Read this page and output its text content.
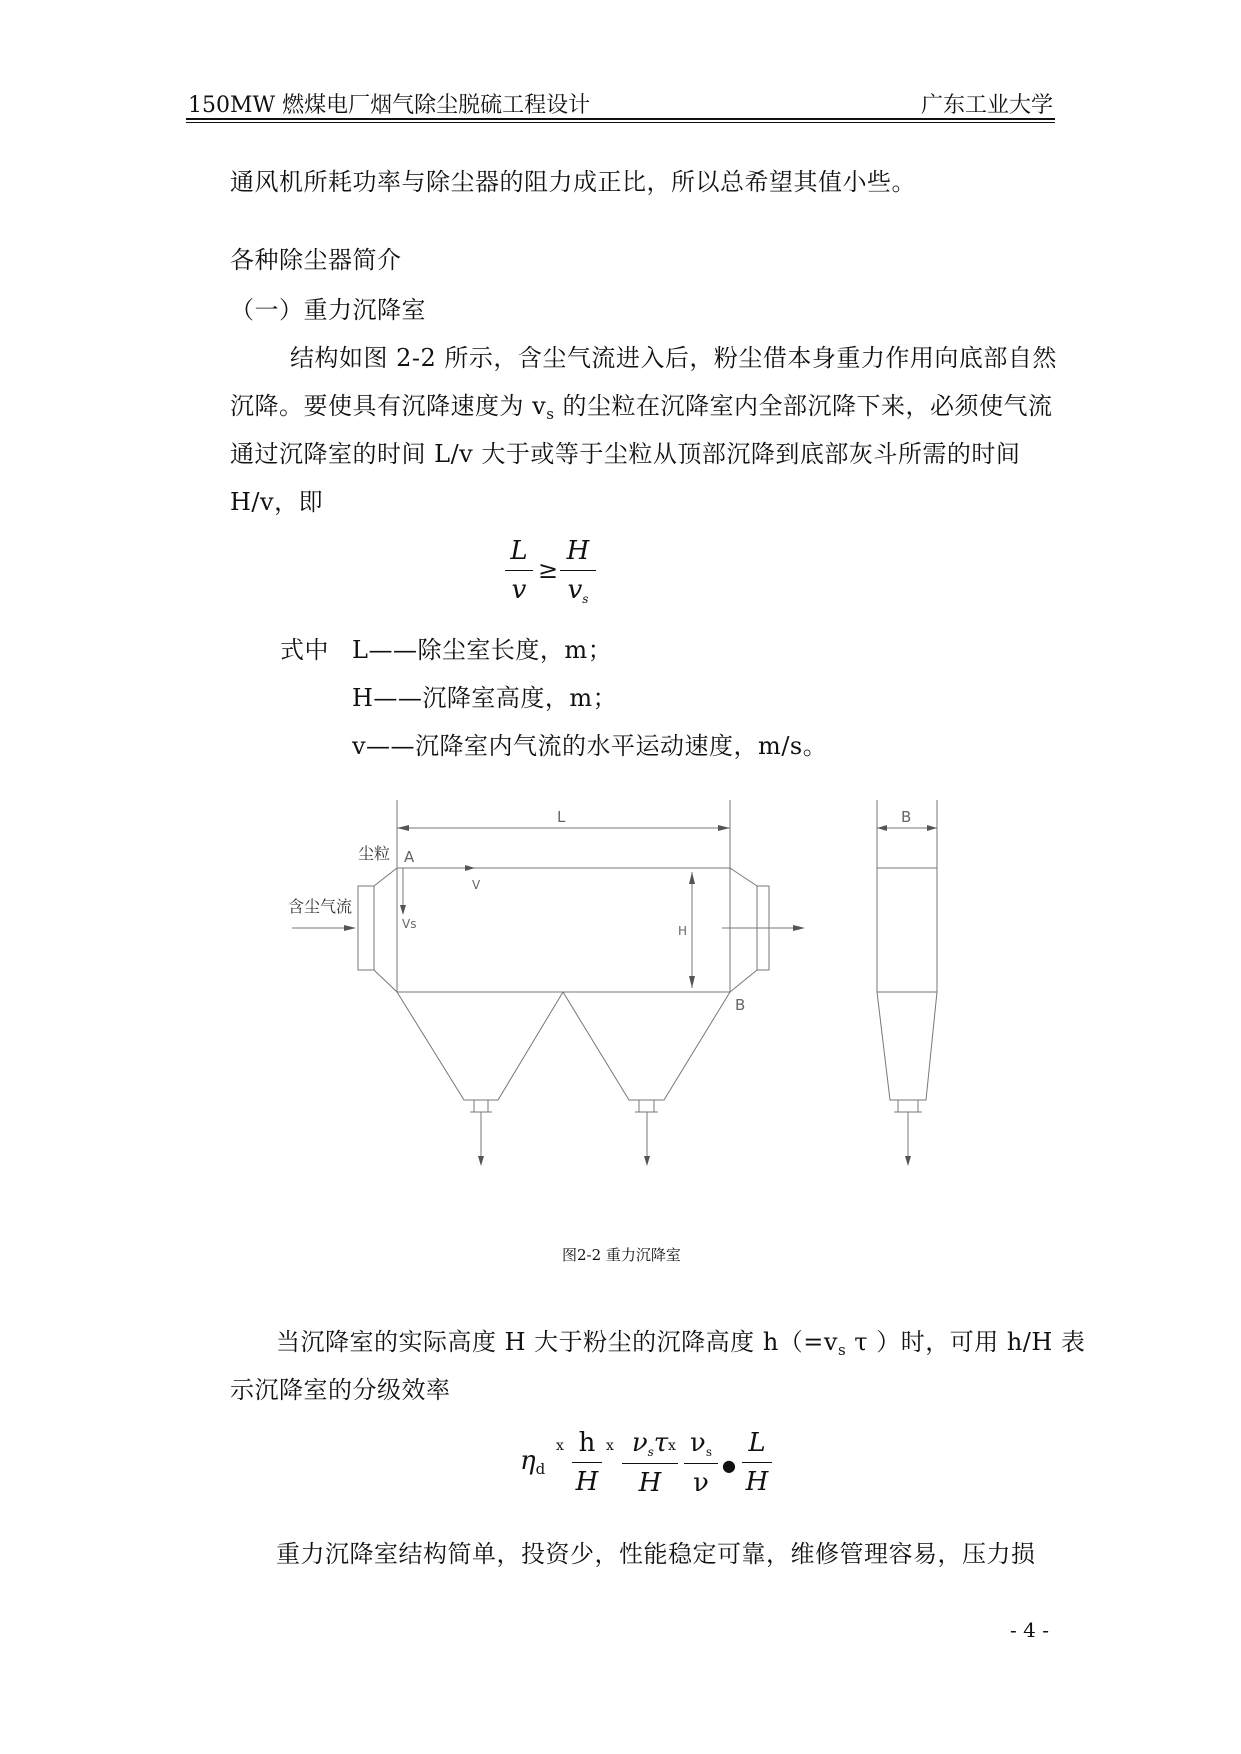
150MW 燃煤电厂烟气除尘脱硫工程设计	广东工业大学
通风机所耗功率与除尘器的阻力成正比，所以总希望其值小些。
各种除尘器简介
（一）重力沉降室
结构如图 2-2 所示，含尘气流进入后，粉尘借本身重力作用向底部自然
沉降。要使具有沉降速度为 $v_s$ 的尘粒在沉降室内全部沉降下来，必须使气流
通过沉降室的时间 L/v 大于或等于尘粒从顶部沉降到底部灰斗所需的时间
H/v，即
L
v
≥
H
$v_s$
式中 L——除尘室长度，m；
H——沉降室高度，m；
v——沉降室内气流的水平运动速度，m/s。
L	B
A
V
Vs	H
B
尘粒
含尘气流
图2-2 重力沉降室
当沉降室的实际高度 H 大于粉尘的沉降高度 $h(=v_s$ τ ）时，可用 h/H 表
示沉降室的分级效率
$\eta_d$
ⅹ h
H
ⅹ $\nu_s\tau$
H
ⅹ $\nu_s$
ν
●
L
H
重力沉降室结构简单，投资少，性能稳定可靠，维修管理容易，压力损
- 4 -
